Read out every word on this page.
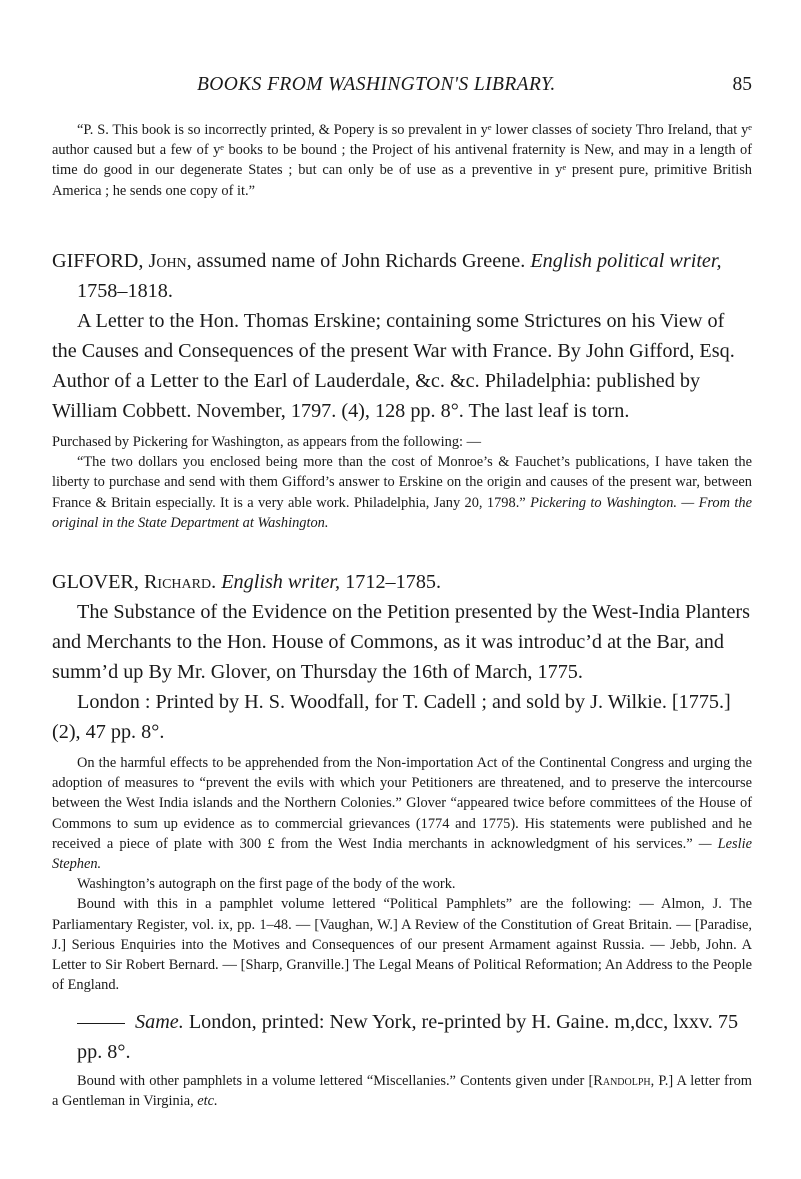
BOOKS FROM WASHINGTON'S LIBRARY.	85

“P. S. This book is so incorrectly printed, & Popery is so prevalent in yᵉ lower classes of society Thro Ireland, that yᵉ author caused but a few of yᵉ books to be bound ; the Project of his antivenal fraternity is New, and may in a length of time do good in our degenerate States ; but can only be of use as a preventive in yᵉ present pure, primitive British America ; he sends one copy of it.”

GIFFORD, John, assumed name of John Richards Greene. English political writer, 1758–1818.

A Letter to the Hon. Thomas Erskine; containing some Strictures on his View of the Causes and Consequences of the present War with France. By John Gifford, Esq. Author of a Letter to the Earl of Lauderdale, &c. &c. Philadelphia: published by William Cobbett. November, 1797. (4), 128 pp. 8°. The last leaf is torn.

Purchased by Pickering for Washington, as appears from the following: —

“The two dollars you enclosed being more than the cost of Monroe’s & Fauchet’s publications, I have taken the liberty to purchase and send with them Gifford’s answer to Erskine on the origin and causes of the present war, between France & Britain especially. It is a very able work. Philadelphia, Jany 20, 1798.” Pickering to Washington. — From the original in the State Department at Washington.

GLOVER, Richard. English writer, 1712–1785.

The Substance of the Evidence on the Petition presented by the West-India Planters and Merchants to the Hon. House of Commons, as it was introduc’d at the Bar, and summ’d up By Mr. Glover, on Thursday the 16th of March, 1775.

London : Printed by H. S. Woodfall, for T. Cadell ; and sold by J. Wilkie. [1775.] (2), 47 pp. 8°.

On the harmful effects to be apprehended from the Non-importation Act of the Continental Congress and urging the adoption of measures to “prevent the evils with which your Petitioners are threatened, and to preserve the intercourse between the West India islands and the Northern Colonies.” Glover “appeared twice before committees of the House of Commons to sum up evidence as to commercial grievances (1774 and 1775). His statements were published and he received a piece of plate with 300 £ from the West India merchants in acknowledgment of his services.” — Leslie Stephen.

Washington’s autograph on the first page of the body of the work.

Bound with this in a pamphlet volume lettered “Political Pamphlets” are the following: — Almon, J. The Parliamentary Register, vol. ix, pp. 1–48. — [Vaughan, W.] A Review of the Constitution of Great Britain. — [Paradise, J.] Serious Enquiries into the Motives and Consequences of our present Armament against Russia. — Jebb, John. A Letter to Sir Robert Bernard. — [Sharp, Granville.] The Legal Means of Political Reformation; An Address to the People of England.

Same. London, printed: New York, re-printed by H. Gaine. m,dcc, lxxv. 75 pp. 8°.

Bound with other pamphlets in a volume lettered “Miscellanies.” Contents given under [Randolph, P.] A letter from a Gentleman in Virginia, etc.
